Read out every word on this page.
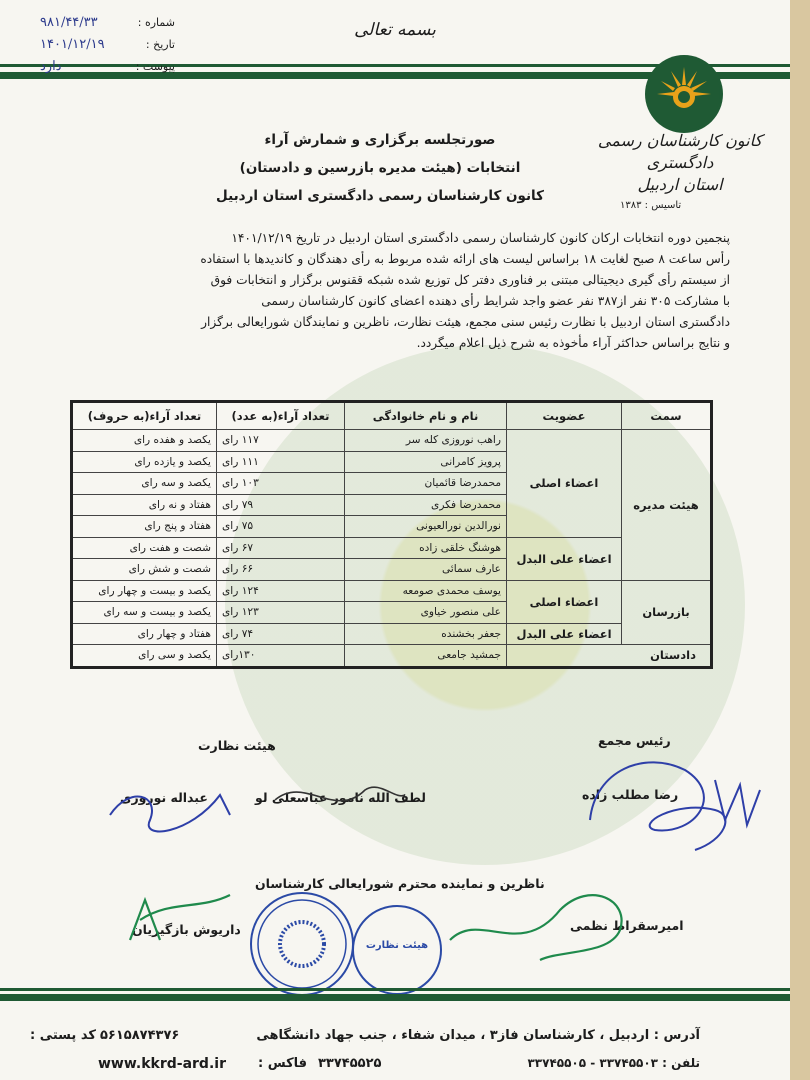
شماره :
۹۸۱/۴۴/۳۳
تاریخ :
۱۴۰۱/۱۲/۱۹
پیوست :
دارد
بسمه تعالی
کانون کارشناسان رسمی دادگستری
استان اردبیل
تاسیس : ۱۳۸۳
صورتجلسه برگزاری و شمارش آراء
انتخابات (هیئت مدیره بازرسین و دادستان)
کانون کارشناسان رسمی دادگستری استان اردبیل
پنجمین دوره انتخابات ارکان کانون کارشناسان رسمی دادگستری استان اردبیل در تاریخ ۱۴۰۱/۱۲/۱۹
رأس ساعت ۸ صبح لغایت ۱۸ براساس لیست های ارائه شده مربوط به رأی دهندگان و کاندیدها با استفاده
از سیستم رأی گیری دیجیتالی مبتنی بر فناوری دفتر کل توزیع شده شبکه ققنوس برگزار و انتخابات فوق
با مشارکت ۳۰۵ نفر از۳۸۷ نفر عضو واجد شرایط رأی دهنده اعضای کانون کارشناسان رسمی
دادگستری استان اردبیل با نظارت رئیس سنی مجمع، هیئت نظارت، ناظرین و نمایندگان شورایعالی برگزار
و نتایج براساس حداکثر آراء مأخوذه به شرح ذیل اعلام میگردد.
سمت	عضویت	نام و نام خانوادگی	تعداد آراء(به عدد)	تعداد آراء(به حروف)
هیئت مدیره	اعضاء اصلی	راهب نوروزی کله سر	۱۱۷ رای	یکصد و هفده رای
		پرویز کامرانی	۱۱۱ رای	یکصد و یازده رای
		محمدرضا قائمیان	۱۰۳ رای	یکصد و سه رای
		محمدرضا فکری	۷۹ رای	هفتاد و نه رای
		نورالدین نورالعیونی	۷۵ رای	هفتاد و پنج رای
	اعضاء علی البدل	هوشنگ خلقی زاده	۶۷ رای	شصت و هفت رای
		عارف سمائی	۶۶ رای	شصت و شش رای
بازرسان	اعضاء اصلی	یوسف محمدی صومعه	۱۲۴ رای	یکصد و بیست و چهار رای
		علی منصور خیاوی	۱۲۳ رای	یکصد و بیست و سه رای
	اعضاء علی البدل	جعفر بخشنده	۷۴ رای	هفتاد و چهار رای
دادستان		جمشید جامعی	۱۳۰رای	یکصد و سی رای
رئیس مجمع
رضا مطلب زاده
هیئت نظارت
لطف الله نامور عباسعلی لو
عبداله نوروزی
ناظرین و نماینده محترم شورایعالی کارشناسان
امیرسقراط نظمی
داریوش بازگیریان
هیئت نظارت
آدرس : اردبیل ، کارشناسان فاز۳ ، میدان شفاء ، جنب جهاد دانشگاهی
۵۶۱۵۸۷۴۳۷۶
کد پستی :
تلفن : ۳۳۷۴۵۵۰۳ - ۳۳۷۴۵۵۰۵
۳۳۷۴۵۵۲۵
فاکس :
www.kkrd-ard.ir
